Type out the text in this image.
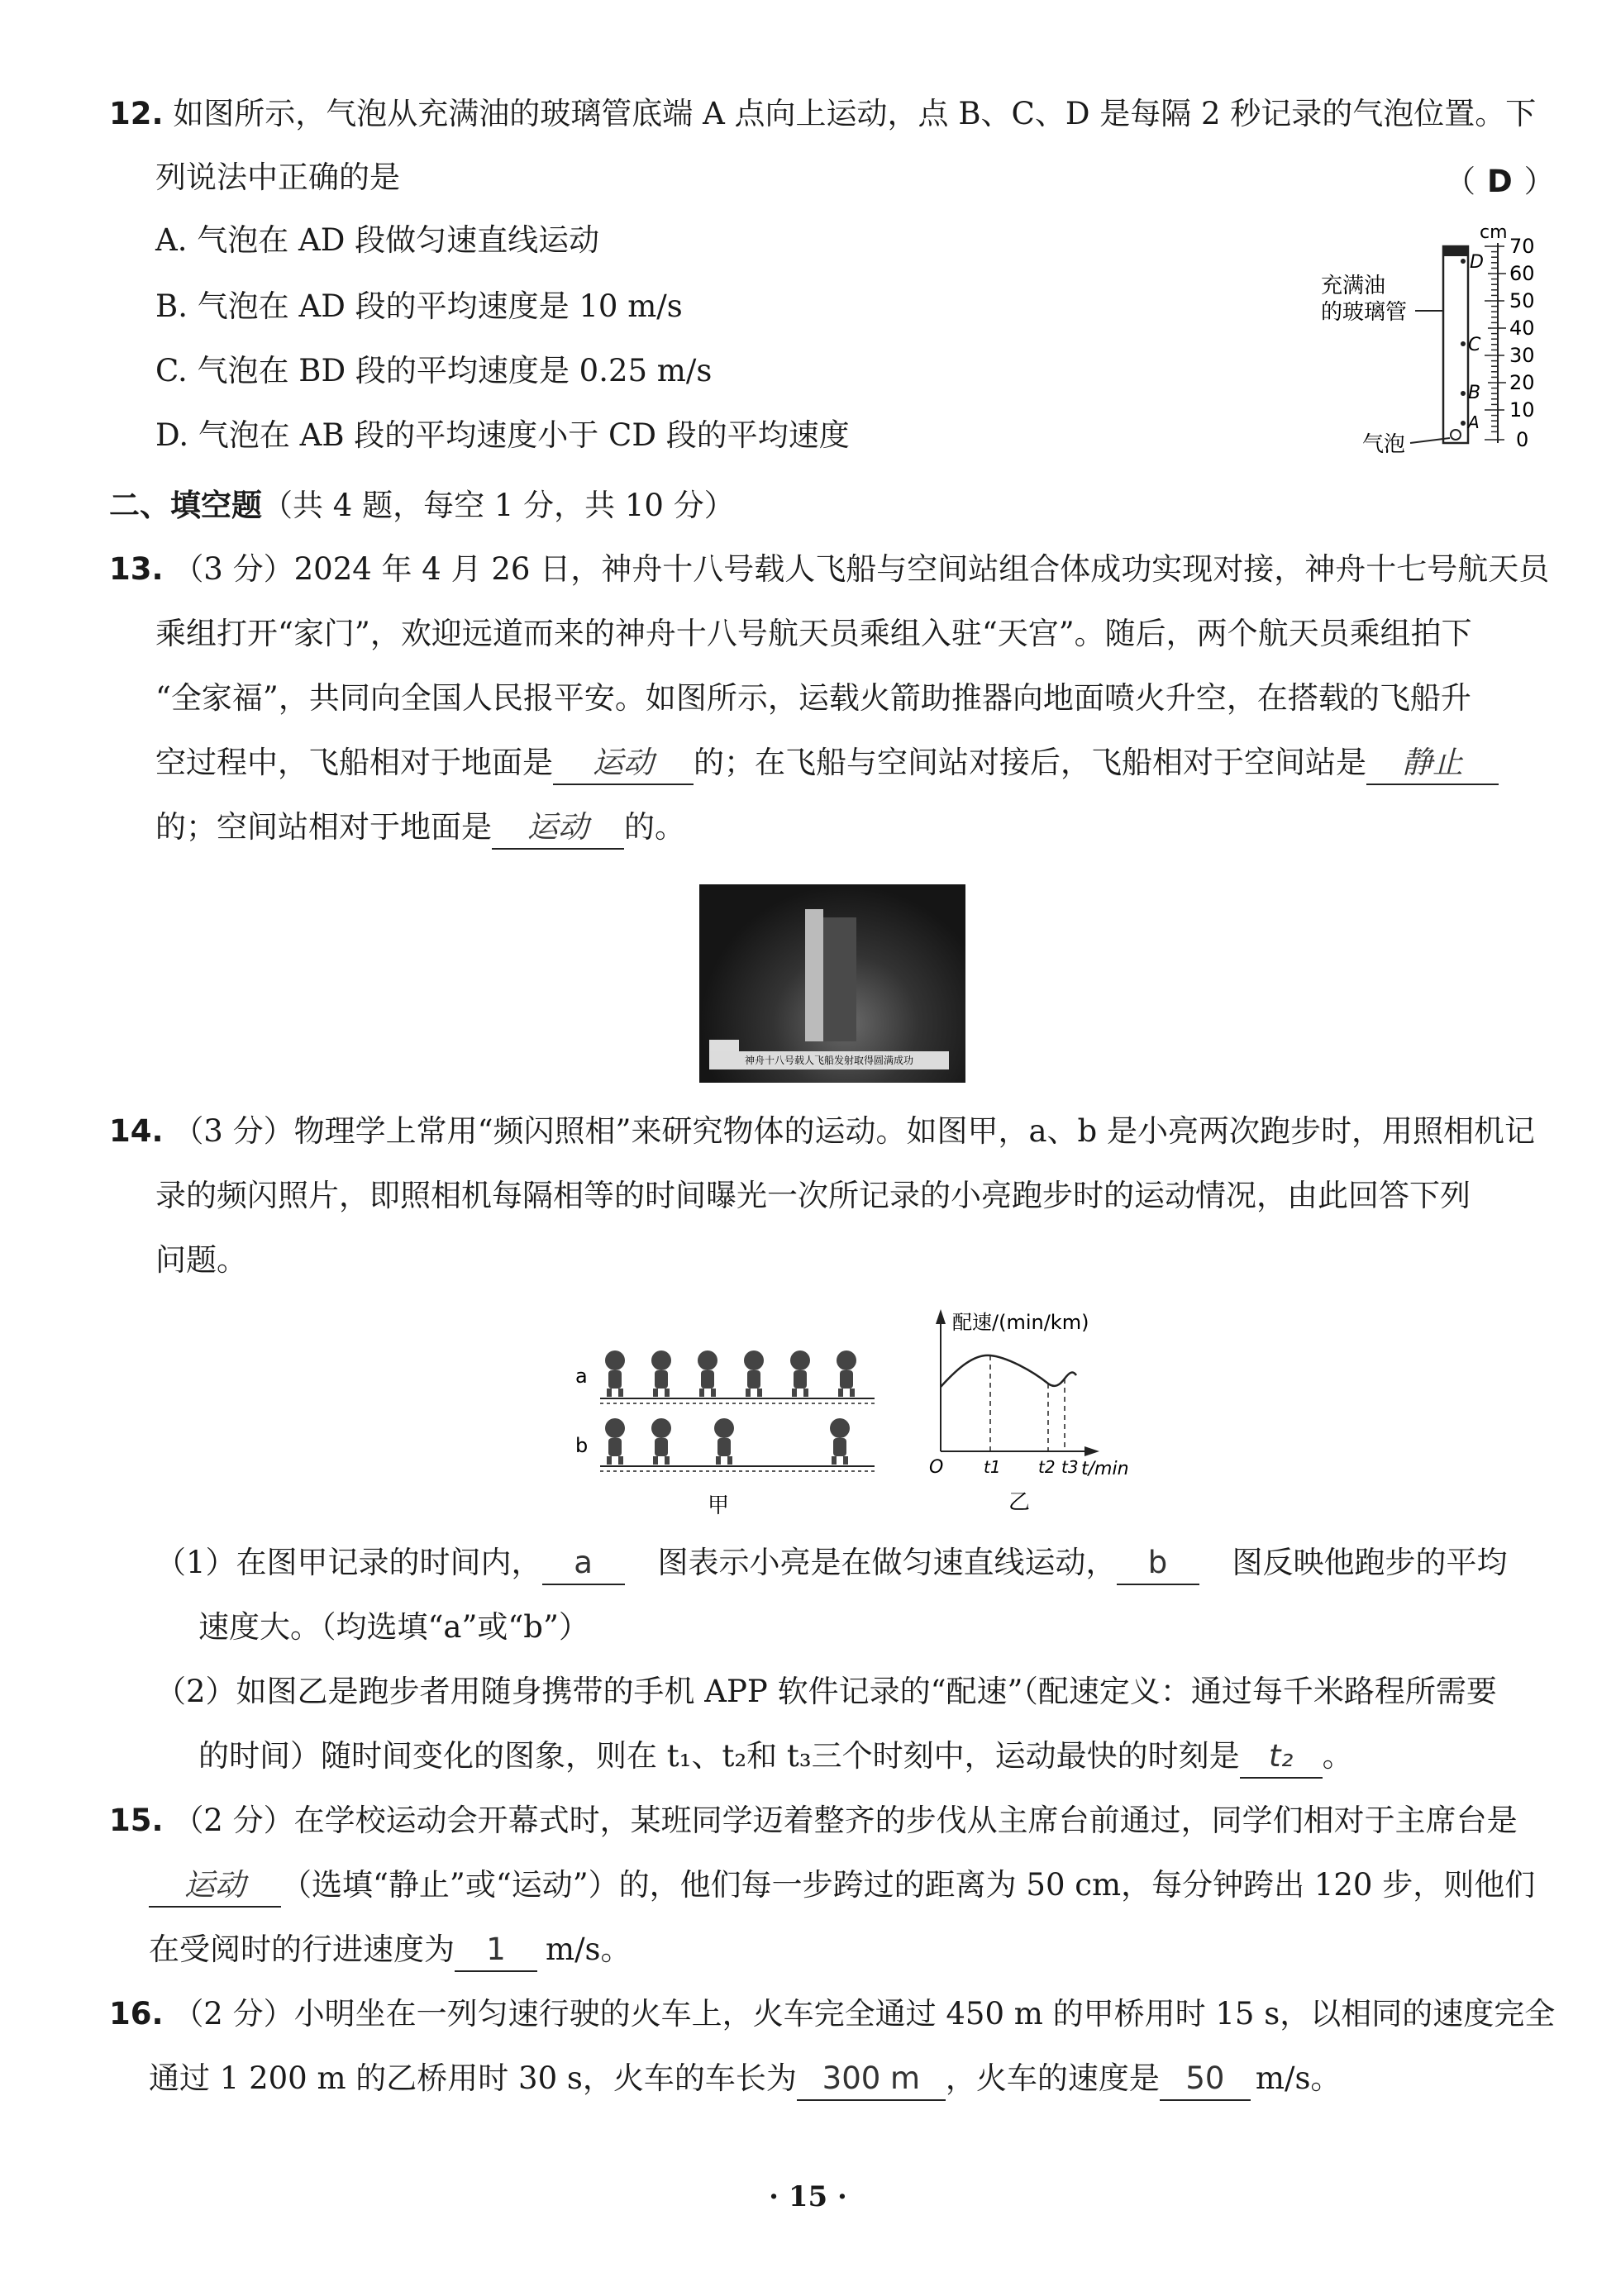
12. 如图所示，气泡从充满油的玻璃管底端 A 点向上运动，点 B、C、D 是每隔 2 秒记录的气泡位置。下
列说法中正确的是	（ D ）
A. 气泡在 AD 段做匀速直线运动
B. 气泡在 AD 段的平均速度是 10 m/s
C. 气泡在 BD 段的平均速度是 0.25 m/s
D. 气泡在 AB 段的平均速度小于 CD 段的平均速度
cm
充满油
的玻璃管
D
C
B
A
70
60
50
40
30
20
10
0
气泡
二、填空题（共 4 题，每空 1 分，共 10 分）
13. （3 分）2024 年 4 月 26 日，神舟十八号载人飞船与空间站组合体成功实现对接，神舟十七号航天员
乘组打开“家门”，欢迎远道而来的神舟十八号航天员乘组入驻“天宫”。随后，两个航天员乘组拍下
“全家福”，共同向全国人民报平安。如图所示，运载火箭助推器向地面喷火升空，在搭载的飞船升
空过程中，飞船相对于地面是 运动 的；在飞船与空间站对接后，飞船相对于空间站是 静止
的；空间站相对于地面是 运动 的。
神舟十八号载人飞船发射取得圆满成功
14. （3 分）物理学上常用“频闪照相”来研究物体的运动。如图甲，a、b 是小亮两次跑步时，用照相机记
录的频闪照片，即照相机每隔相等的时间曝光一次所记录的小亮跑步时的运动情况，由此回答下列
问题。
a
b
甲
配速/(min/km)
O t1 t2 t3 t/min
乙
（1）在图甲记录的时间内， a 图表示小亮是在做匀速直线运动， b 图反映他跑步的平均
速度大。（均选填“a”或“b”）
（2）如图乙是跑步者用随身携带的手机 APP 软件记录的“配速”（配速定义：通过每千米路程所需要
的时间）随时间变化的图象，则在 t₁、t₂和 t₃三个时刻中，运动最快的时刻是 t₂ 。
15. （2 分）在学校运动会开幕式时，某班同学迈着整齐的步伐从主席台前通过，同学们相对于主席台是
运动 （选填“静止”或“运动”）的，他们每一步跨过的距离为 50 cm，每分钟跨出 120 步，则他们
在受阅时的行进速度为 1 m/s。
16. （2 分）小明坐在一列匀速行驶的火车上，火车完全通过 450 m 的甲桥用时 15 s，以相同的速度完全
通过 1 200 m 的乙桥用时 30 s，火车的车长为 300 m ，火车的速度是 50 m/s。
· 15 ·
